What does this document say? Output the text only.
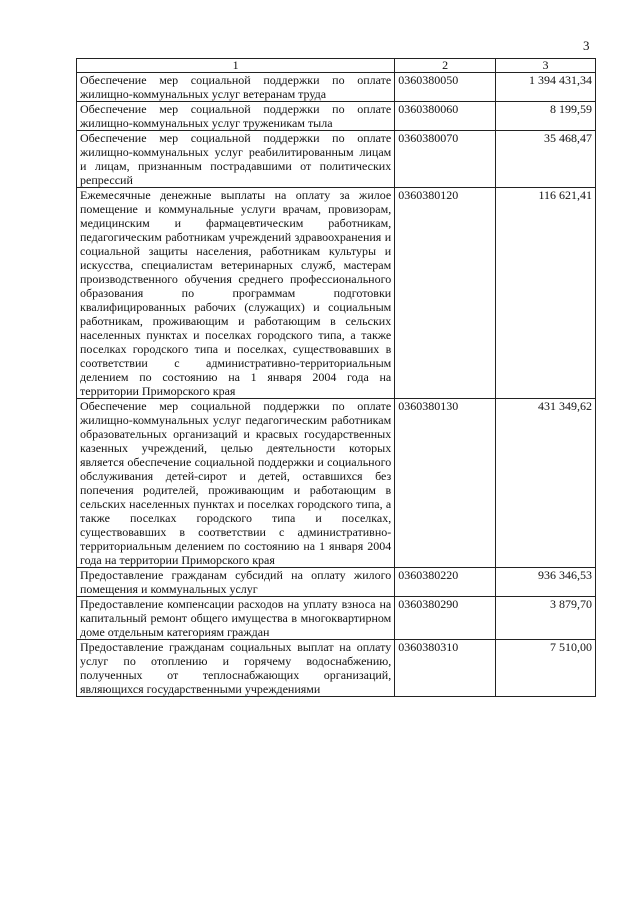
3
1	2	3
Обеспечение мер социальной поддержки по оплате жилищно-коммунальных услуг ветеранам труда	0360380050	1 394 431,34
Обеспечение мер социальной поддержки по оплате жилищно-коммунальных услуг труженикам тыла	0360380060	8 199,59
Обеспечение мер социальной поддержки по оплате жилищно-коммунальных услуг реабилитированным лицам и лицам, признанным пострадавшими от политических репрессий	0360380070	35 468,47
Ежемесячные денежные выплаты на оплату за жилое помещение и коммунальные услуги врачам, провизорам, медицинским и фармацевтическим работникам, педагогическим работникам учреждений здравоохранения и социальной защиты населения, работникам культуры и искусства, специалистам ветеринарных служб, мастерам производственного обучения среднего профессионального образования по программам подготовки квалифицированных рабочих (служащих) и социальным работникам, проживающим и работающим в сельских населенных пунктах и поселках городского типа, а также поселках городского типа и поселках, существовавших в соответствии с административно-территориальным делением по состоянию на 1 января 2004 года на территории Приморского края	0360380120	116 621,41
Обеспечение мер социальной поддержки по оплате жилищно-коммунальных услуг педагогическим работникам образовательных организаций и красвых государственных казенных учреждений, целью деятельности которых является обеспечение социальной поддержки и социального обслуживания детей-сирот и детей, оставшихся без попечения родителей, проживающим и работающим в сельских населенных пунктах и поселках городского типа, а также поселках городского типа и поселках, существовавших в соответствии с административно-территориальным делением по состоянию на 1 января 2004 года на территории Приморского края	0360380130	431 349,62
Предоставление гражданам субсидий на оплату жилого помещения и коммунальных услуг	0360380220	936 346,53
Предоставление компенсации расходов на уплату взноса на капитальный ремонт общего имущества в многоквартирном доме отдельным категориям граждан	0360380290	3 879,70
Предоставление гражданам социальных выплат на оплату услуг по отоплению и горячему водоснабжению, полученных от теплоснабжающих организаций, являющихся государственными учреждениями	0360380310	7 510,00
